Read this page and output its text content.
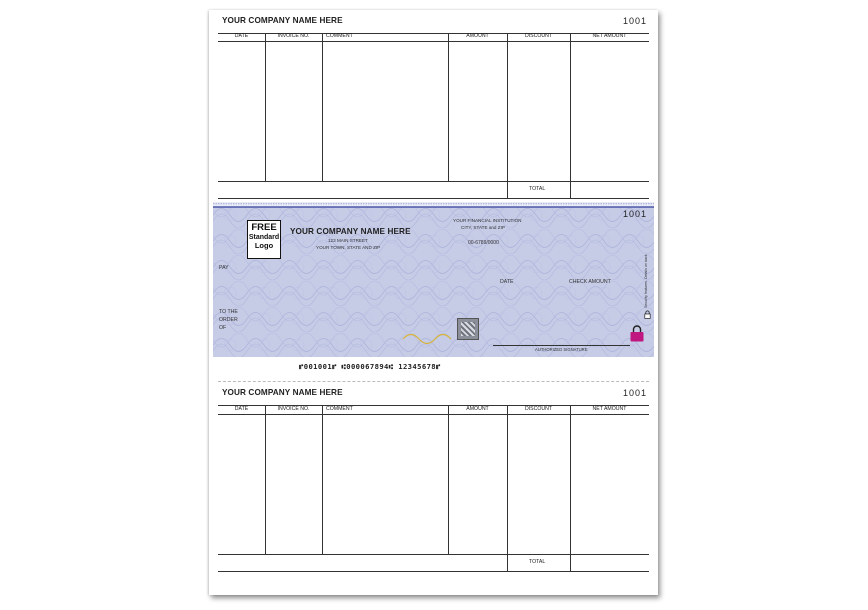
YOUR COMPANY NAME HERE	1001
DATE	INVOICE NO.	COMMENT	AMOUNT	DISCOUNT	NET AMOUNT
TOTAL
FREE
Standard
Logo
YOUR COMPANY NAME HERE
123 MAIN STREET
YOUR TOWN, STATE AND ZIP
YOUR FINANCIAL INSTITUTION
CITY, STATE and ZIP
00-6789/0000
1001
PAY
DATE	CHECK AMOUNT
TO THE
ORDER
OF
AUTHORIZED SIGNATURE
Security features. Details on back.
⑈001001⑈ ⑆000067894⑆ 12345678⑈
YOUR COMPANY NAME HERE	1001
DATE	INVOICE NO.	COMMENT	AMOUNT	DISCOUNT	NET AMOUNT
TOTAL
